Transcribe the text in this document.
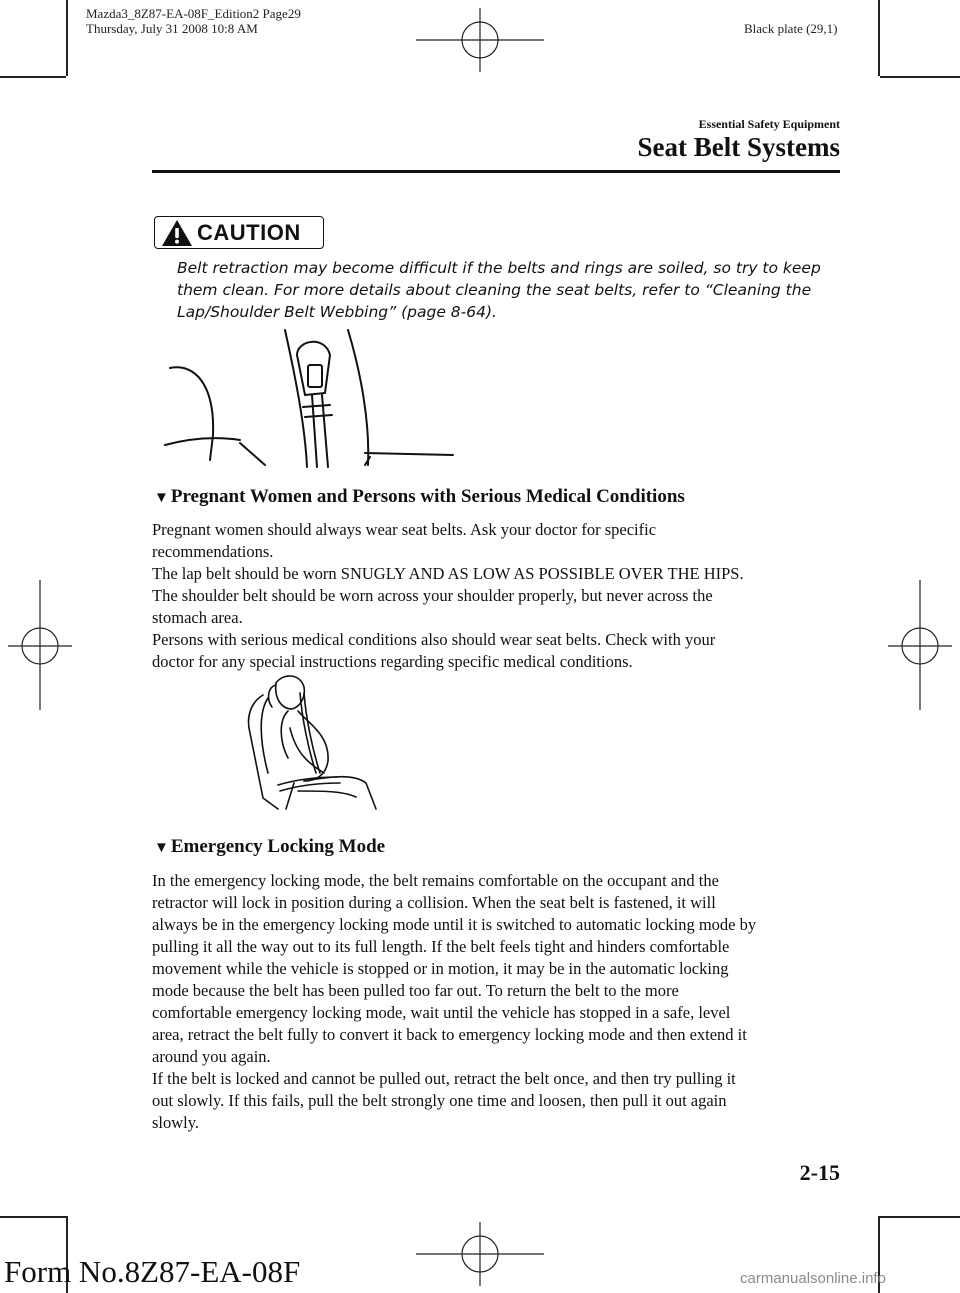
Mazda3_8Z87-EA-08F_Edition2 Page29
Thursday, July 31 2008 10:8 AM	Black plate (29,1)
Essential Safety Equipment
Seat Belt Systems
CAUTION
Belt retraction may become difficult if the belts and rings are soiled, so try to keep
them clean. For more details about cleaning the seat belts, refer to “Cleaning the
Lap/Shoulder Belt Webbing” (page 8-64).
▼ Pregnant Women and Persons with Serious Medical Conditions
Pregnant women should always wear seat belts. Ask your doctor for specific
recommendations.
The lap belt should be worn SNUGLY AND AS LOW AS POSSIBLE OVER THE HIPS.
The shoulder belt should be worn across your shoulder properly, but never across the
stomach area.
Persons with serious medical conditions also should wear seat belts. Check with your
doctor for any special instructions regarding specific medical conditions.
▼ Emergency Locking Mode
In the emergency locking mode, the belt remains comfortable on the occupant and the
retractor will lock in position during a collision. When the seat belt is fastened, it will
always be in the emergency locking mode until it is switched to automatic locking mode by
pulling it all the way out to its full length. If the belt feels tight and hinders comfortable
movement while the vehicle is stopped or in motion, it may be in the automatic locking
mode because the belt has been pulled too far out. To return the belt to the more
comfortable emergency locking mode, wait until the vehicle has stopped in a safe, level
area, retract the belt fully to convert it back to emergency locking mode and then extend it
around you again.
If the belt is locked and cannot be pulled out, retract the belt once, and then try pulling it
out slowly. If this fails, pull the belt strongly one time and loosen, then pull it out again
slowly.
2-15
Form No.8Z87-EA-08F	carmanualsonline.info
